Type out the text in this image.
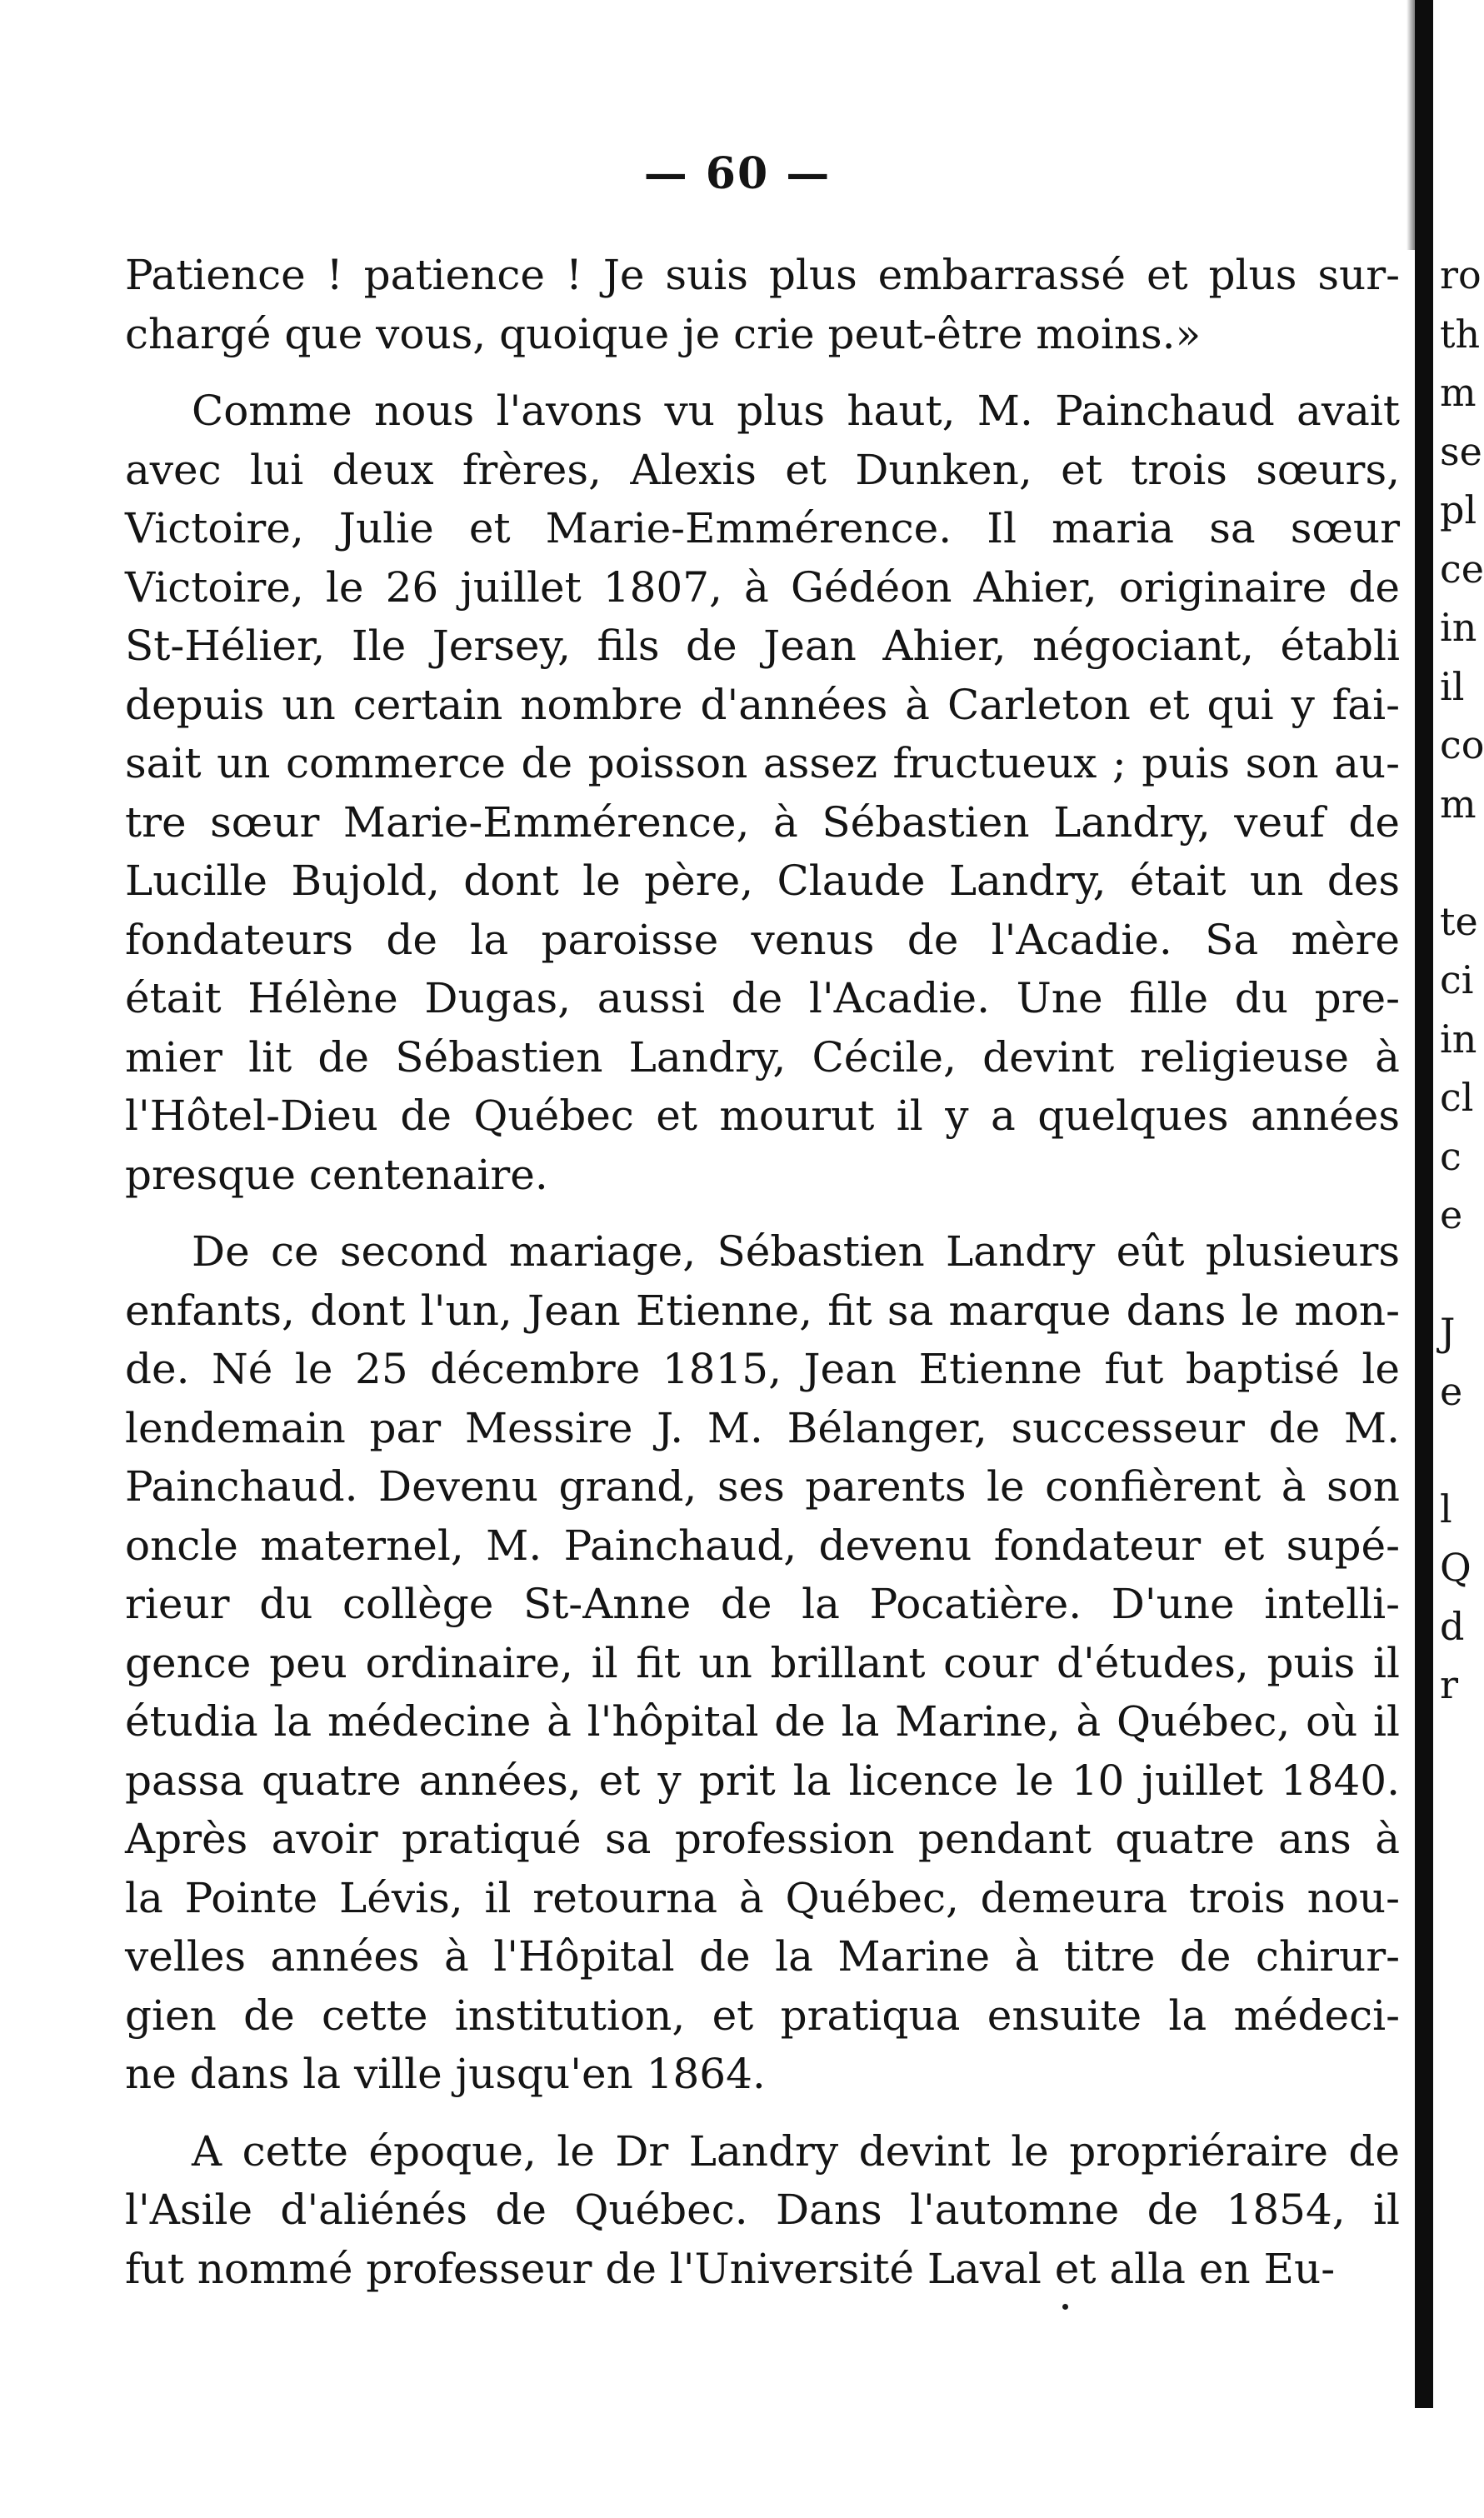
— 60 —
Patience ! patience ! Je suis plus embarrassé et plus sur-
chargé que vous, quoique je crie peut-être moins.»
Comme nous l'avons vu plus haut, M. Painchaud avait
avec lui deux frères, Alexis et Dunken, et trois sœurs,
Victoire, Julie et Marie-Emmérence. Il maria sa sœur
Victoire, le 26 juillet 1807, à Gédéon Ahier, originaire de
St-Hélier, Ile Jersey, fils de Jean Ahier, négociant, établi
depuis un certain nombre d'années à Carleton et qui y fai-
sait un commerce de poisson assez fructueux ; puis son au-
tre sœur Marie-Emmérence, à Sébastien Landry, veuf de
Lucille Bujold, dont le père, Claude Landry, était un des
fondateurs de la paroisse venus de l'Acadie. Sa mère
était Hélène Dugas, aussi de l'Acadie. Une fille du pre-
mier lit de Sébastien Landry, Cécile, devint religieuse à
l'Hôtel-Dieu de Québec et mourut il y a quelques années
presque centenaire.
De ce second mariage, Sébastien Landry eût plusieurs
enfants, dont l'un, Jean Etienne, fit sa marque dans le mon-
de. Né le 25 décembre 1815, Jean Etienne fut baptisé le
lendemain par Messire J. M. Bélanger, successeur de M.
Painchaud. Devenu grand, ses parents le confièrent à son
oncle maternel, M. Painchaud, devenu fondateur et supé-
rieur du collège St-Anne de la Pocatière. D'une intelli-
gence peu ordinaire, il fit un brillant cour d'études, puis il
étudia la médecine à l'hôpital de la Marine, à Québec, où il
passa quatre années, et y prit la licence le 10 juillet 1840.
Après avoir pratiqué sa profession pendant quatre ans à
la Pointe Lévis, il retourna à Québec, demeura trois nou-
velles années à l'Hôpital de la Marine à titre de chirur-
gien de cette institution, et pratiqua ensuite la médeci-
ne dans la ville jusqu'en 1864.
A cette époque, le Dr Landry devint le propriéraire de
l'Asile d'aliénés de Québec. Dans l'automne de 1854, il
fut nommé professeur de l'Université Laval et alla en Eu-
ro
th
m
se
pl
ce
in
il
co
m
te
ci
in
cl
c
e
J
e
l
Q
d
r
